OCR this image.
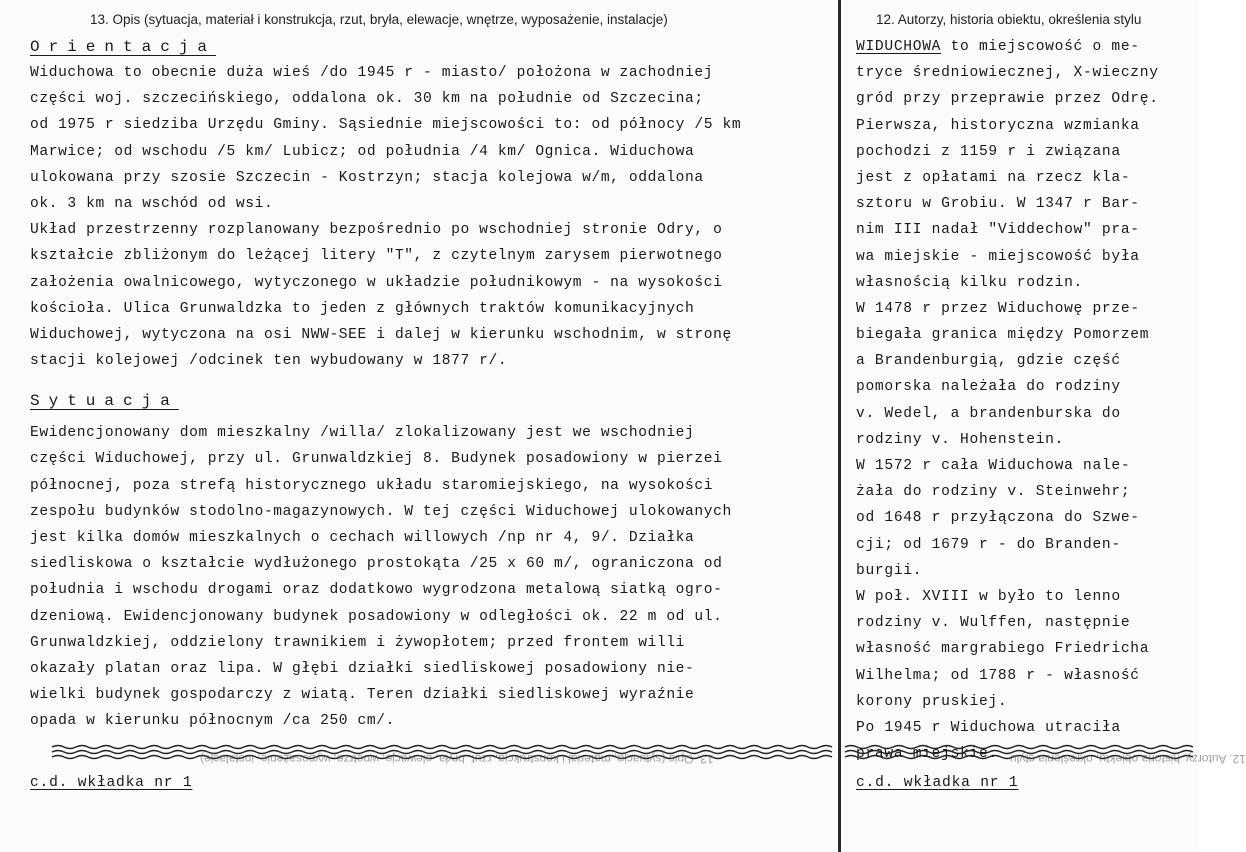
13. Opis (sytuacja, materiał i konstrukcja, rzut, bryła, elewacje, wnętrze, wyposażenie, instalacje)	12. Autorzy, historia obiektu, określenia stylu
Orientacja
Widuchowa to obecnie duża wieś /do 1945 r - miasto/ położona w zachodniej
części woj. szczecińskiego, oddalona ok. 30 km na południe od Szczecina;
od 1975 r siedziba Urzędu Gminy. Sąsiednie miejscowości to: od północy /5 km
Marwice; od wschodu /5 km/ Lubicz; od południa /4 km/ Ognica. Widuchowa
ulokowana przy szosie Szczecin - Kostrzyn; stacja kolejowa w/m, oddalona
ok. 3 km na wschód od wsi.
Układ przestrzenny rozplanowany bezpośrednio po wschodniej stronie Odry, o
kształcie zbliżonym do leżącej litery "T", z czytelnym zarysem pierwotnego
założenia owalnicowego, wytyczonego w układzie południkowym - na wysokości
kościoła. Ulica Grunwaldzka to jeden z głównych traktów komunikacyjnych
Widuchowej, wytyczona na osi NWW-SEE i dalej w kierunku wschodnim, w stronę
stacji kolejowej /odcinek ten wybudowany w 1877 r/.
Sytuacja
Ewidencjonowany dom mieszkalny /willa/ zlokalizowany jest we wschodniej
części Widuchowej, przy ul. Grunwaldzkiej 8. Budynek posadowiony w pierzei
północnej, poza strefą historycznego układu staromiejskiego, na wysokości
zespołu budynków stodolno-magazynowych. W tej części Widuchowej ulokowanych
jest kilka domów mieszkalnych o cechach willowych /np nr 4, 9/. Działka
siedliskowa o kształcie wydłużonego prostokąta /25 x 60 m/, ograniczona od
południa i wschodu drogami oraz dodatkowo wygrodzona metalową siatką ogro-
dzeniową. Ewidencjonowany budynek posadowiony w odległości ok. 22 m od ul.
Grunwaldzkiej, oddzielony trawnikiem i żywopłotem; przed frontem willi
okazały platan oraz lipa. W głębi działki siedliskowej posadowiony nie-
wielki budynek gospodarczy z wiatą. Teren działki siedliskowej wyraźnie
opada w kierunku północnym /ca 250 cm/.
WIDUCHOWA to miejscowość o me-
tryce średniowiecznej, X-wieczny
gród przy przeprawie przez Odrę.
Pierwsza, historyczna wzmianka
pochodzi z 1159 r i związana
jest z opłatami na rzecz kla-
sztoru w Grobiu. W 1347 r Bar-
nim III nadał "Viddechow" pra-
wa miejskie - miejscowość była
własnością kilku rodzin.
W 1478 r przez Widuchowę prze-
biegała granica między Pomorzem
a Brandenburgią, gdzie część
pomorska należała do rodziny
v. Wedel, a brandenburska do
rodziny v. Hohenstein.
W 1572 r cała Widuchowa nale-
żała do rodziny v. Steinwehr;
od 1648 r przyłączona do Szwe-
cji; od 1679 r - do Branden-
burgii.
W poł. XVIII w było to lenno
rodziny v. Wulffen, następnie
własność margrabiego Friedricha
Wilhelma; od 1788 r - własność
korony pruskiej.
Po 1945 r Widuchowa utraciła
prawa miejskie.
13. Opis (sytuacja, materiał i konstrukcja, rzut, bryła, elewacje, wnętrze, wyposażenie, instalacje)	12. Autorzy, historia obiektu, określenia stylu
c.d. wkładka nr 1	c.d. wkładka nr 1
